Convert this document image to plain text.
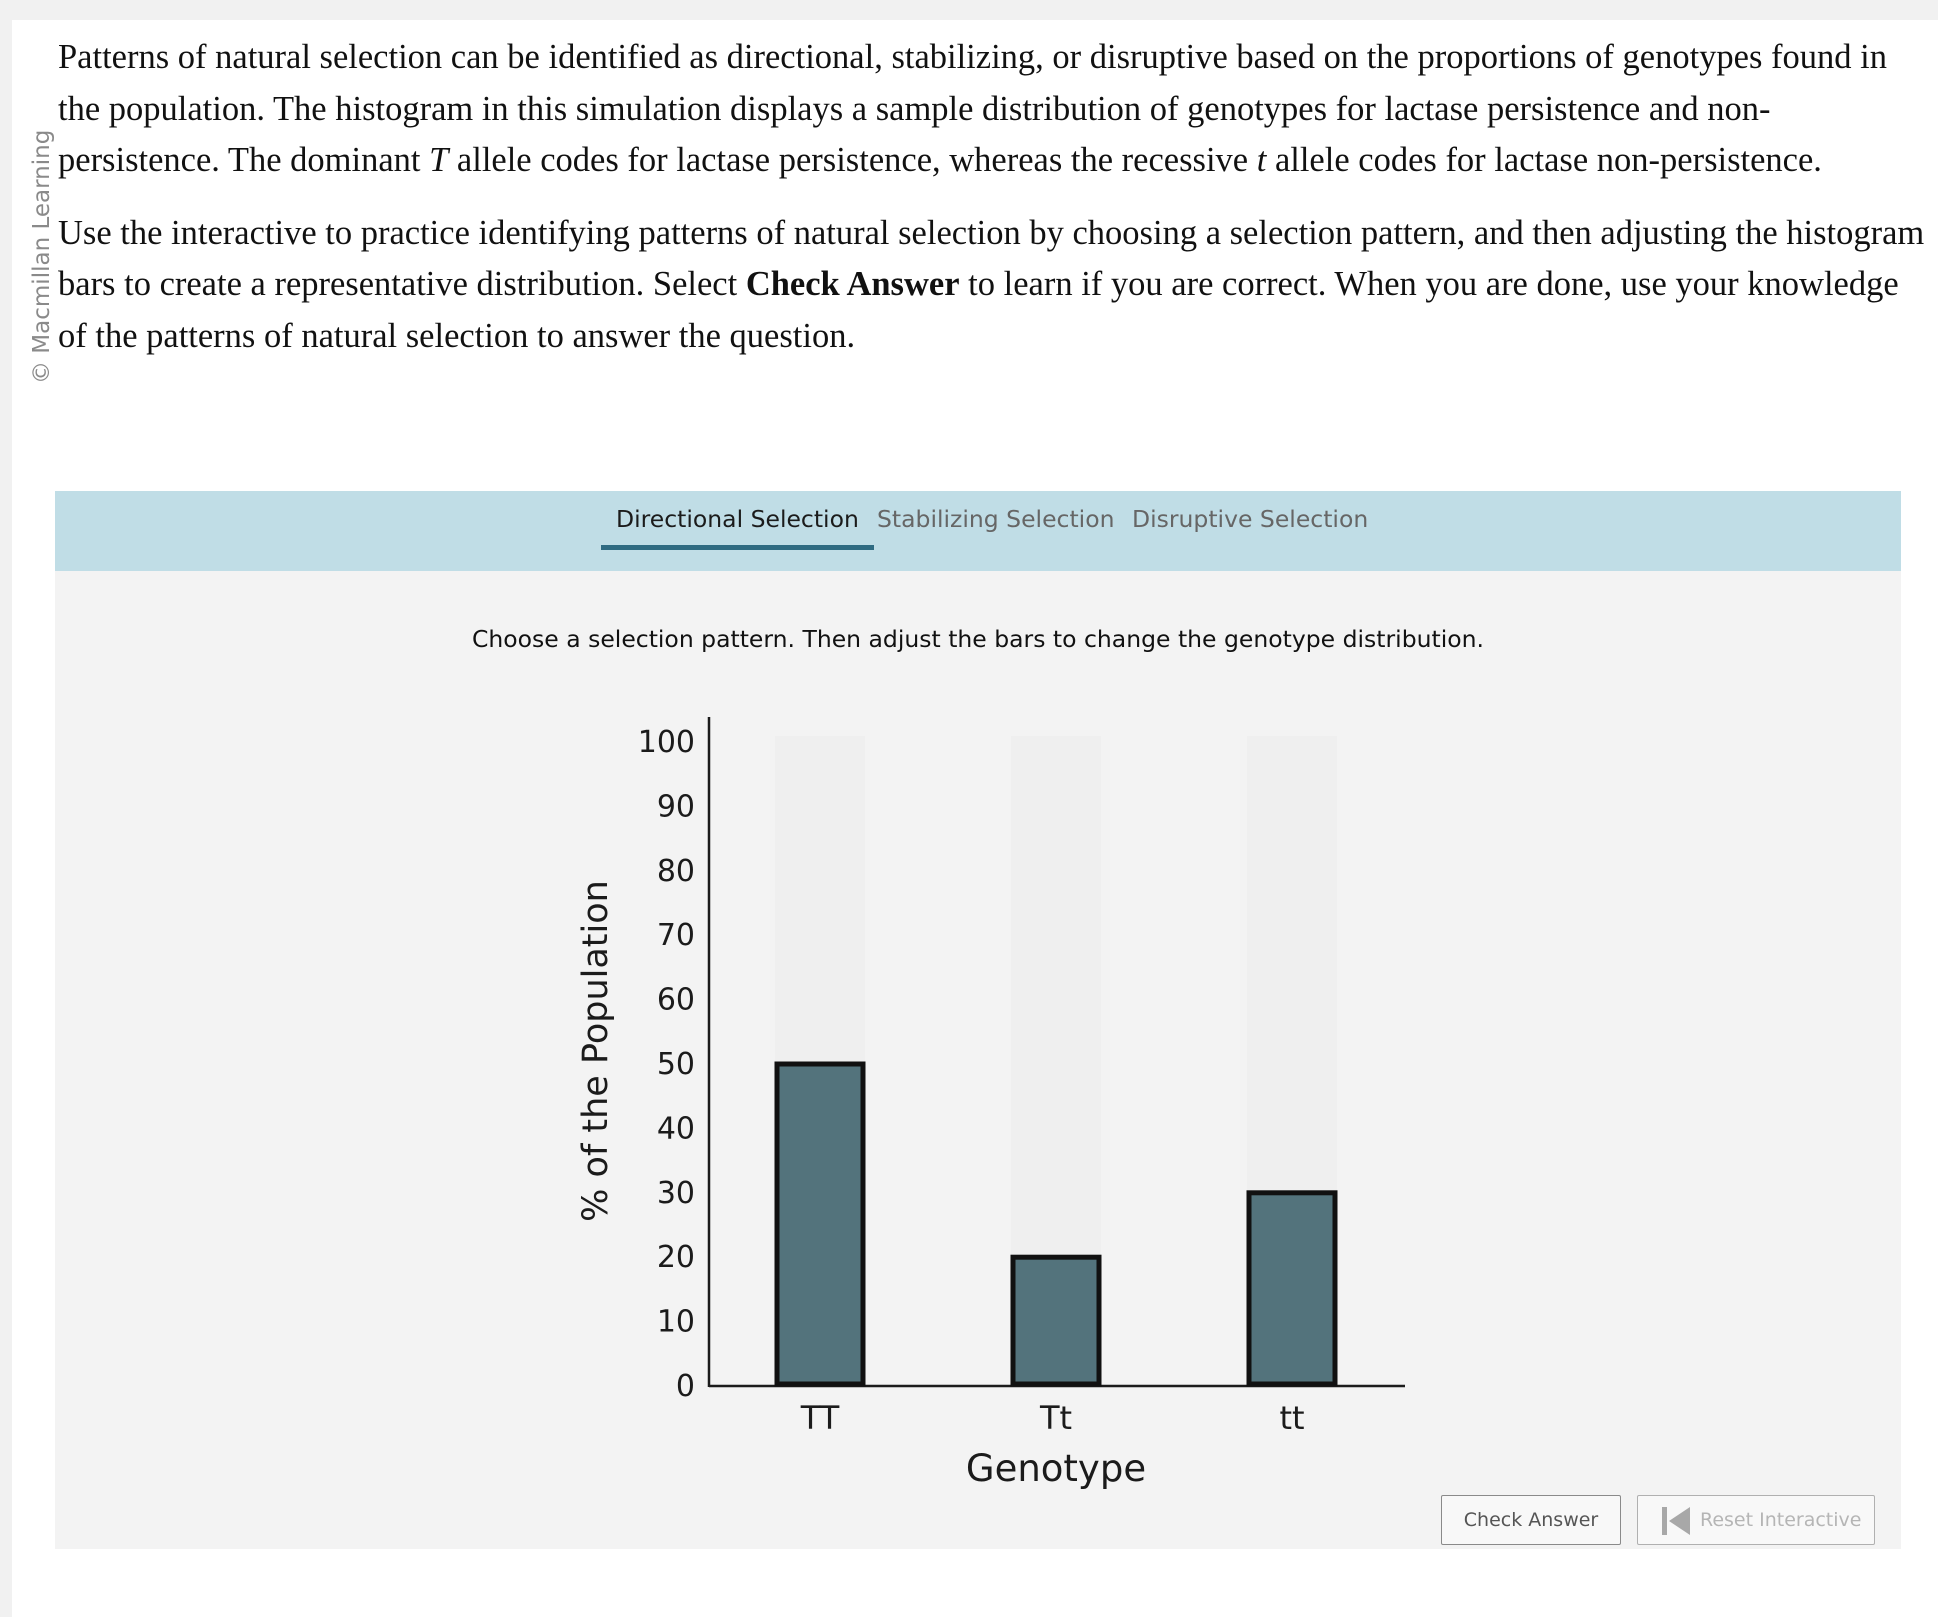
© Macmillan Learning

Patterns of natural selection can be identified as directional, stabilizing, or disruptive based on the proportions of genotypes found in the population. The histogram in this simulation displays a sample distribution of genotypes for lactase persistence and non-persistence. The dominant T allele codes for lactase persistence, whereas the recessive t allele codes for lactase non-persistence.

Use the interactive to practice identifying patterns of natural selection by choosing a selection pattern, and then adjusting the histogram bars to create a representative distribution. Select Check Answer to learn if you are correct. When you are done, use your knowledge of the patterns of natural selection to answer the question.

Directional Selection Stabilizing Selection Disruptive Selection
Choose a selection pattern. Then adjust the bars to change the genotype distribution.
0
10
20
30
40
50
60
70
80
90
100
TT	Tt	tt
Genotype
% of the Population
Check Answer	Reset Interactive
